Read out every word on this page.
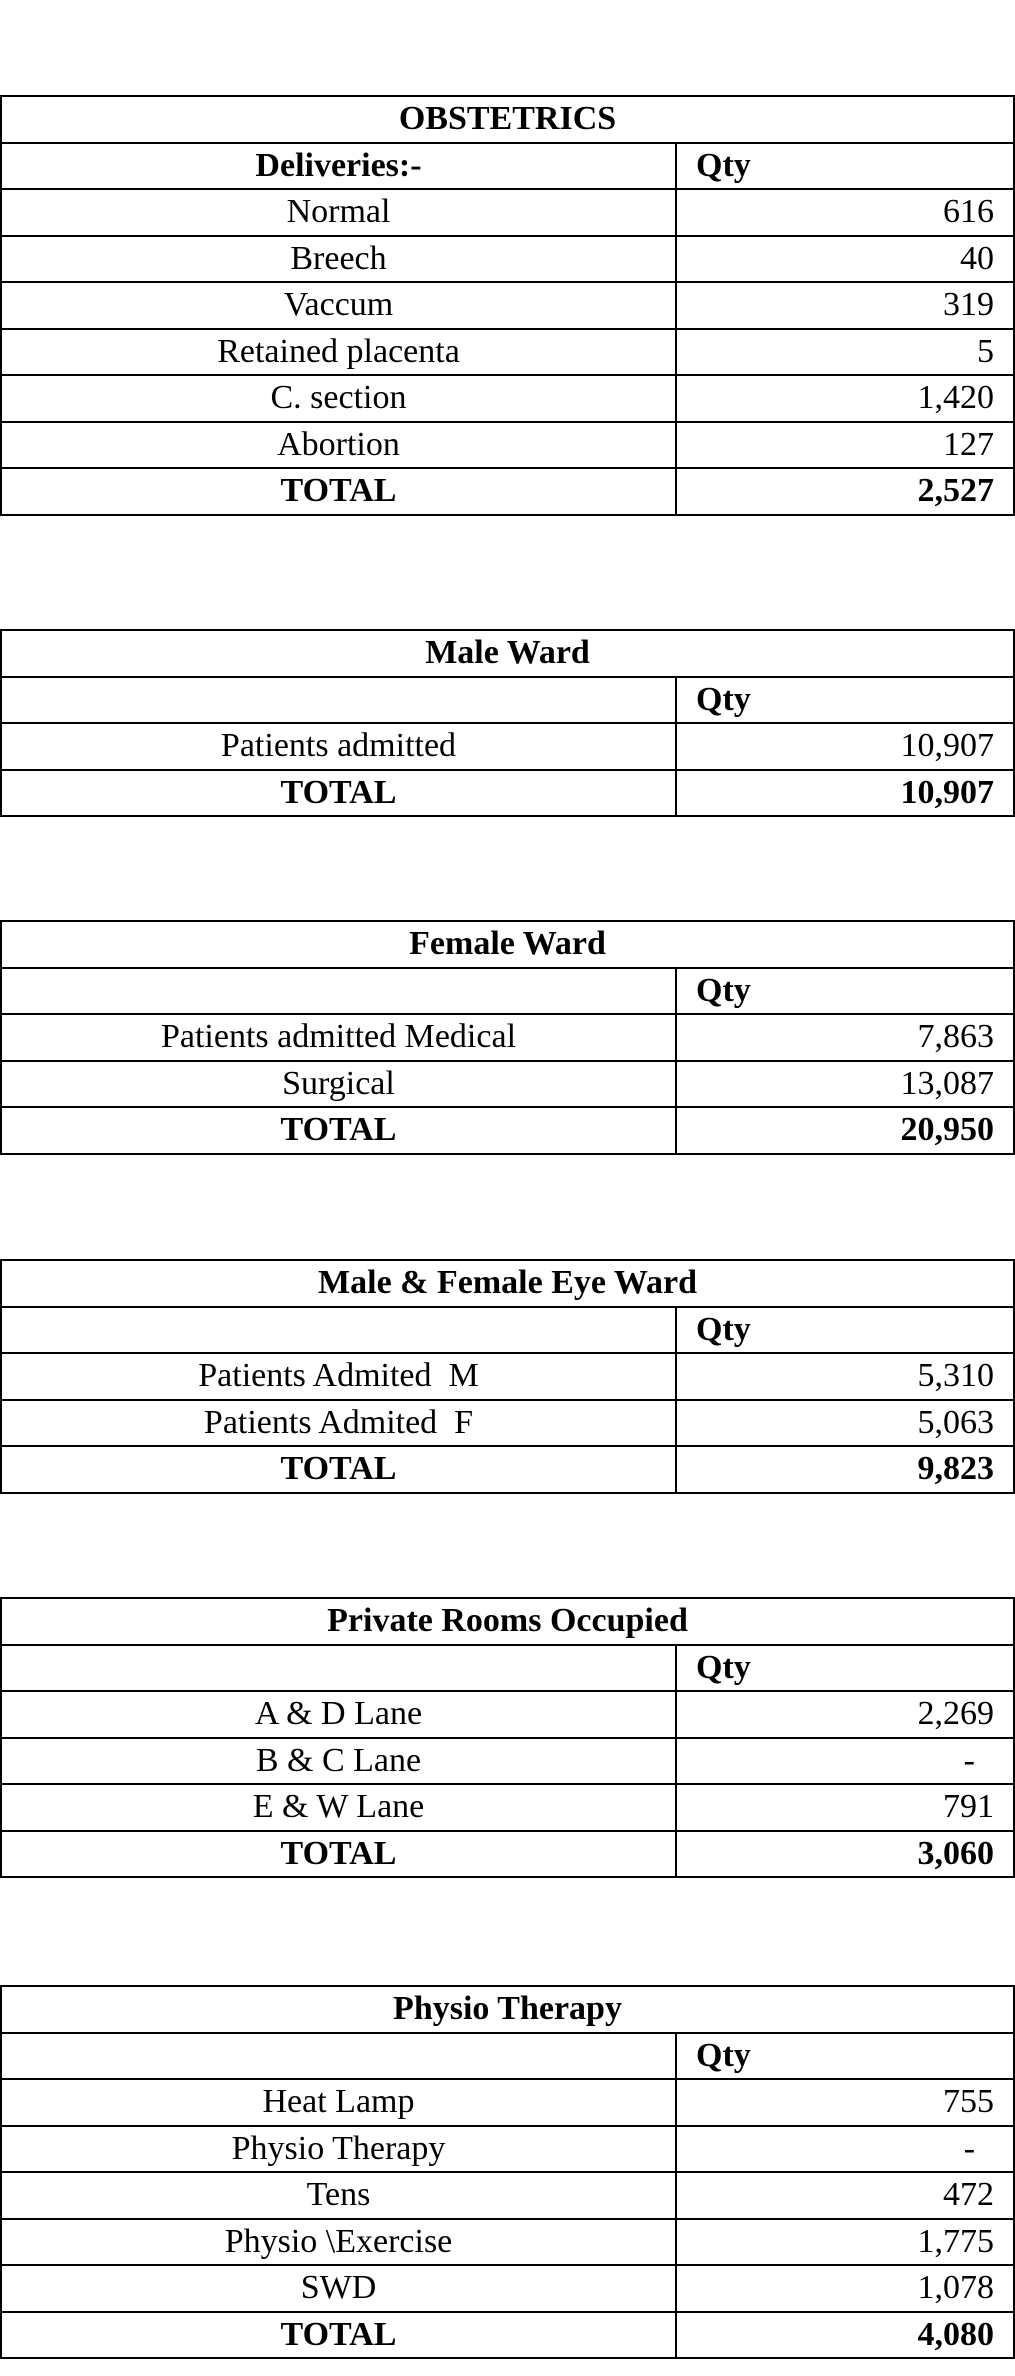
OBSTETRICS	
Deliveries:-	Qty
Normal	616
Breech	40
Vaccum	319
Retained placenta	5
C. section	1,420
Abortion	127
TOTAL	2,527
Male Ward	
	Qty
Patients admitted	10,907
TOTAL	10,907
Female Ward	
	Qty
Patients admitted Medical	7,863
Surgical	13,087
TOTAL	20,950
Male & Female Eye Ward	
	Qty
Patients Admited  M	5,310
Patients Admited  F	5,063
TOTAL	9,823
Private Rooms Occupied	
	Qty
A & D Lane	2,269
B & C Lane	-
E & W Lane	791
TOTAL	3,060
Physio Therapy	
	Qty
Heat Lamp	755
Physio Therapy	-
Tens	472
Physio \Exercise	1,775
SWD	1,078
TOTAL	4,080
